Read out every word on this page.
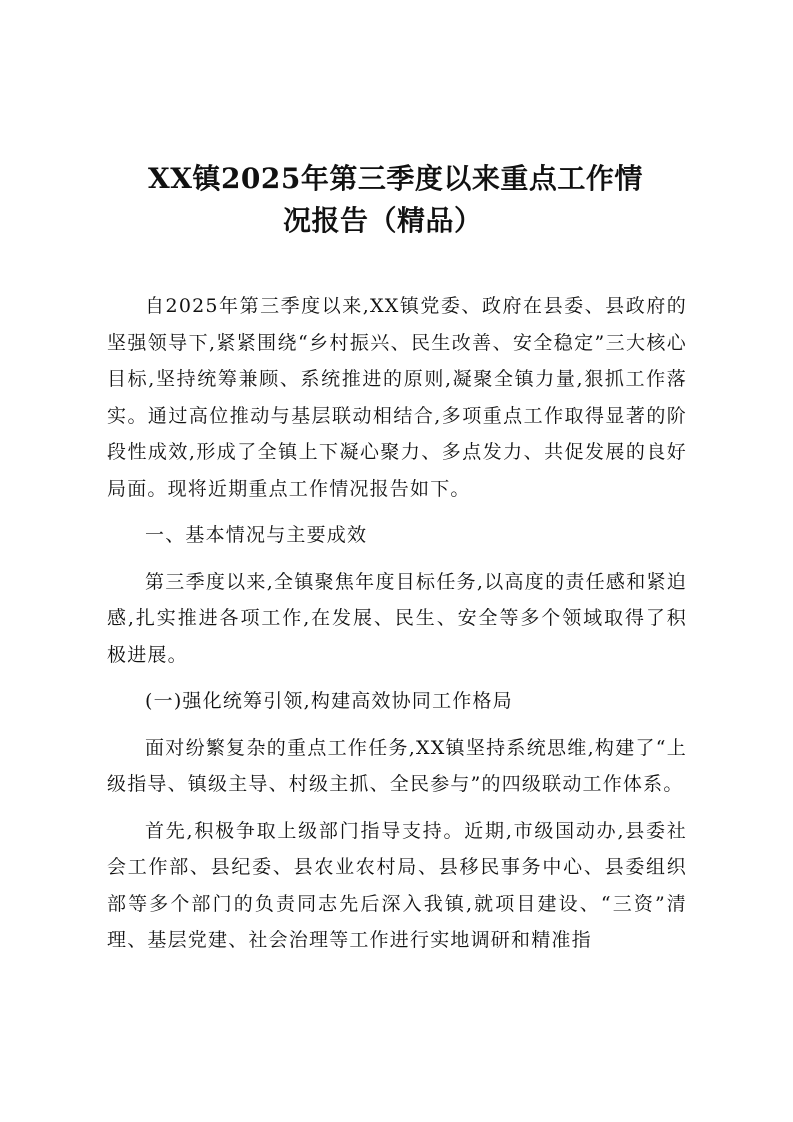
XX镇2025年第三季度以来重点工作情
况报告（精品）

自2025年第三季度以来,XX镇党委、政府在县委、县政府的坚强领导下,紧紧围绕“乡村振兴、民生改善、安全稳定”三大核心目标,坚持统筹兼顾、系统推进的原则,凝聚全镇力量,狠抓工作落实。通过高位推动与基层联动相结合,多项重点工作取得显著的阶段性成效,形成了全镇上下凝心聚力、多点发力、共促发展的良好局面。现将近期重点工作情况报告如下。

一、基本情况与主要成效

第三季度以来,全镇聚焦年度目标任务,以高度的责任感和紧迫感,扎实推进各项工作,在发展、民生、安全等多个领域取得了积极进展。

(一)强化统筹引领,构建高效协同工作格局

面对纷繁复杂的重点工作任务,XX镇坚持系统思维,构建了“上级指导、镇级主导、村级主抓、全民参与”的四级联动工作体系。

首先,积极争取上级部门指导支持。近期,市级国动办,县委社会工作部、县纪委、县农业农村局、县移民事务中心、县委组织部等多个部门的负责同志先后深入我镇,就项目建设、“三资”清理、基层党建、社会治理等工作进行实地调研和精准指
